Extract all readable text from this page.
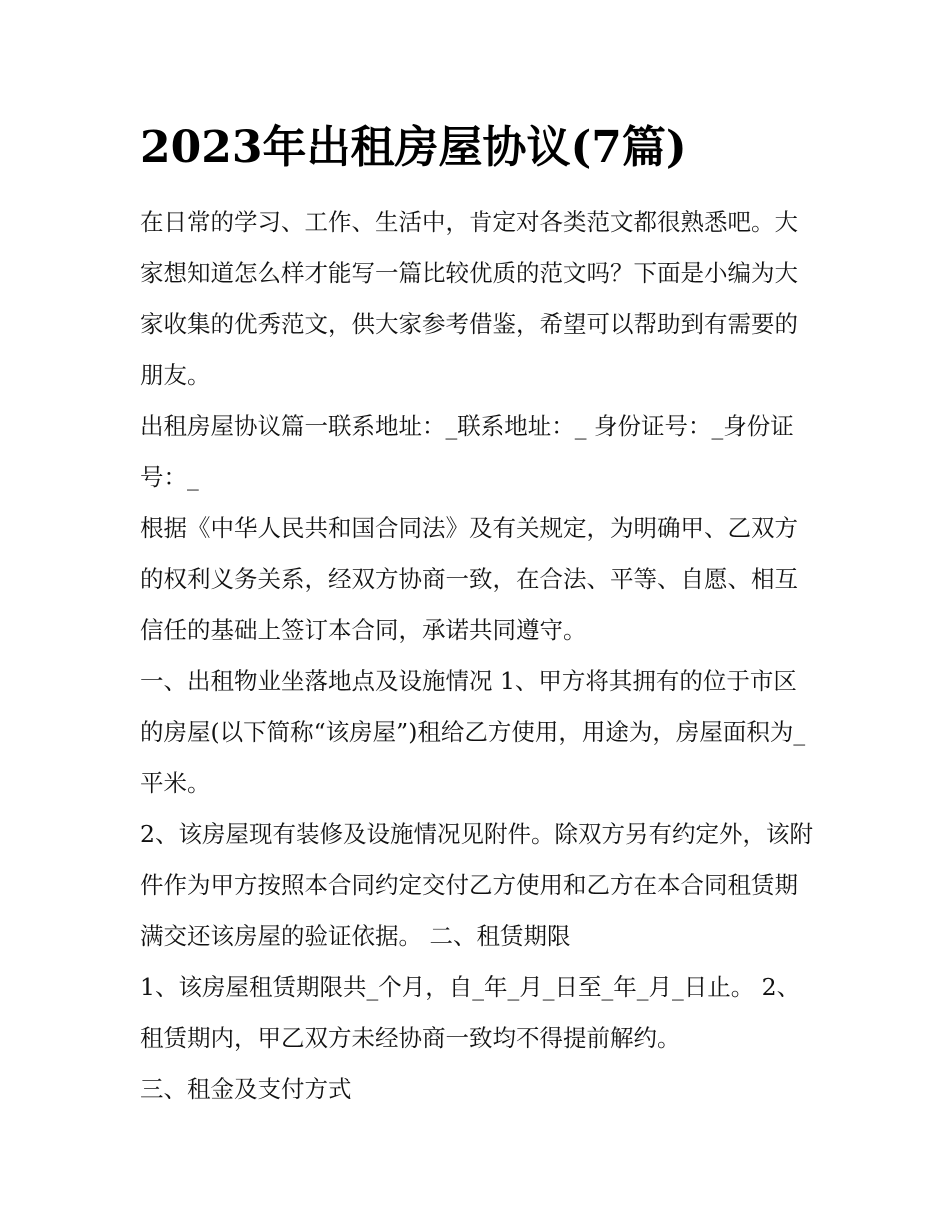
2023年出租房屋协议(7篇)

在日常的学习、工作、生活中，肯定对各类范文都很熟悉吧。大家想知道怎么样才能写一篇比较优质的范文吗？下面是小编为大家收集的优秀范文，供大家参考借鉴，希望可以帮助到有需要的朋友。

出租房屋协议篇一联系地址：_联系地址：_ 身份证号：_身份证号：_

根据《中华人民共和国合同法》及有关规定，为明确甲、乙双方的权利义务关系，经双方协商一致，在合法、平等、自愿、相互信任的基础上签订本合同，承诺共同遵守。

一、出租物业坐落地点及设施情况 1、甲方将其拥有的位于市区的房屋(以下简称“该房屋”)租给乙方使用，用途为，房屋面积为_平米。

2、该房屋现有装修及设施情况见附件。除双方另有约定外，该附件作为甲方按照本合同约定交付乙方使用和乙方在本合同租赁期满交还该房屋的验证依据。 二、租赁期限

1、该房屋租赁期限共_个月，自_年_月_日至_年_月_日止。 2、租赁期内，甲乙双方未经协商一致均不得提前解约。

三、租金及支付方式
